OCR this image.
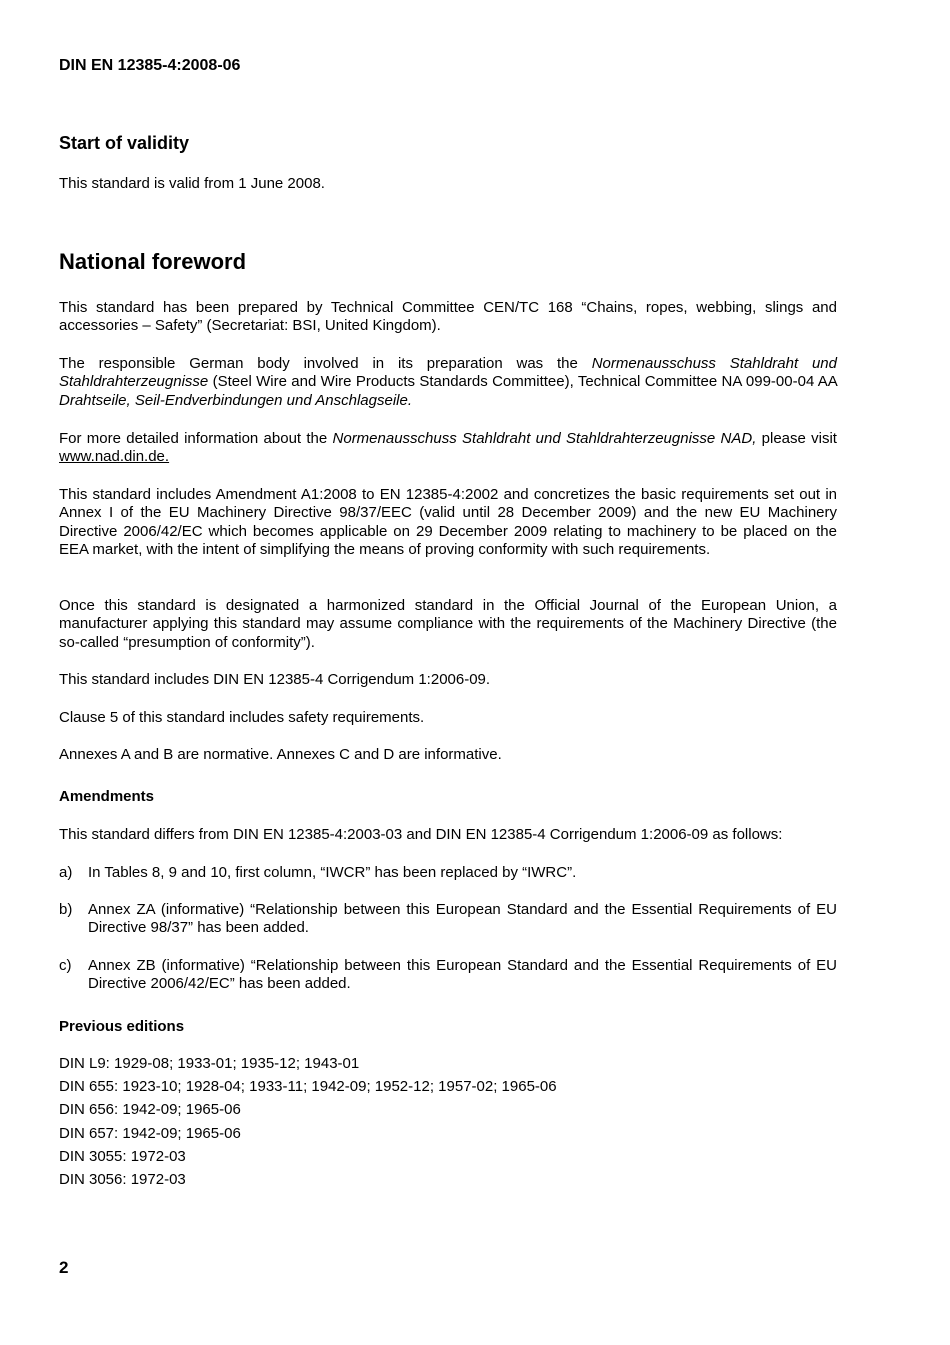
DIN EN 12385-4:2008-06
Start of validity
This standard is valid from 1 June 2008.
National foreword
This standard has been prepared by Technical Committee CEN/TC 168 “Chains, ropes, webbing, slings and accessories – Safety” (Secretariat: BSI, United Kingdom).
The responsible German body involved in its preparation was the Normenausschuss Stahldraht und Stahldrahterzeugnisse (Steel Wire and Wire Products Standards Committee), Technical Committee NA 099-00-04 AA Drahtseile, Seil-Endverbindungen und Anschlagseile.
For more detailed information about the Normenausschuss Stahldraht und Stahldrahterzeugnisse NAD, please visit www.nad.din.de.
This standard includes Amendment A1:2008 to EN 12385-4:2002 and concretizes the basic requirements set out in Annex I of the EU Machinery Directive 98/37/EEC (valid until 28 December 2009) and the new EU Machinery Directive 2006/42/EC which becomes applicable on 29 December 2009 relating to machinery to be placed on the EEA market, with the intent of simplifying the means of proving conformity with such requirements.
Once this standard is designated a harmonized standard in the Official Journal of the European Union, a manufacturer applying this standard may assume compliance with the requirements of the Machinery Directive (the so-called “presumption of conformity”).
This standard includes DIN EN 12385-4 Corrigendum 1:2006-09.
Clause 5 of this standard includes safety requirements.
Annexes A and B are normative. Annexes C and D are informative.
Amendments
This standard differs from DIN EN 12385-4:2003-03 and DIN EN 12385-4 Corrigendum 1:2006-09 as follows:
a) In Tables 8, 9 and 10, first column, “IWCR” has been replaced by “IWRC”.
b) Annex ZA (informative) “Relationship between this European Standard and the Essential Requirements of EU Directive 98/37” has been added.
c) Annex ZB (informative) “Relationship between this European Standard and the Essential Requirements of EU Directive 2006/42/EC” has been added.
Previous editions
DIN L9: 1929-08; 1933-01; 1935-12; 1943-01
DIN 655: 1923-10; 1928-04; 1933-11; 1942-09; 1952-12; 1957-02; 1965-06
DIN 656: 1942-09; 1965-06
DIN 657: 1942-09; 1965-06
DIN 3055: 1972-03
DIN 3056: 1972-03
2
